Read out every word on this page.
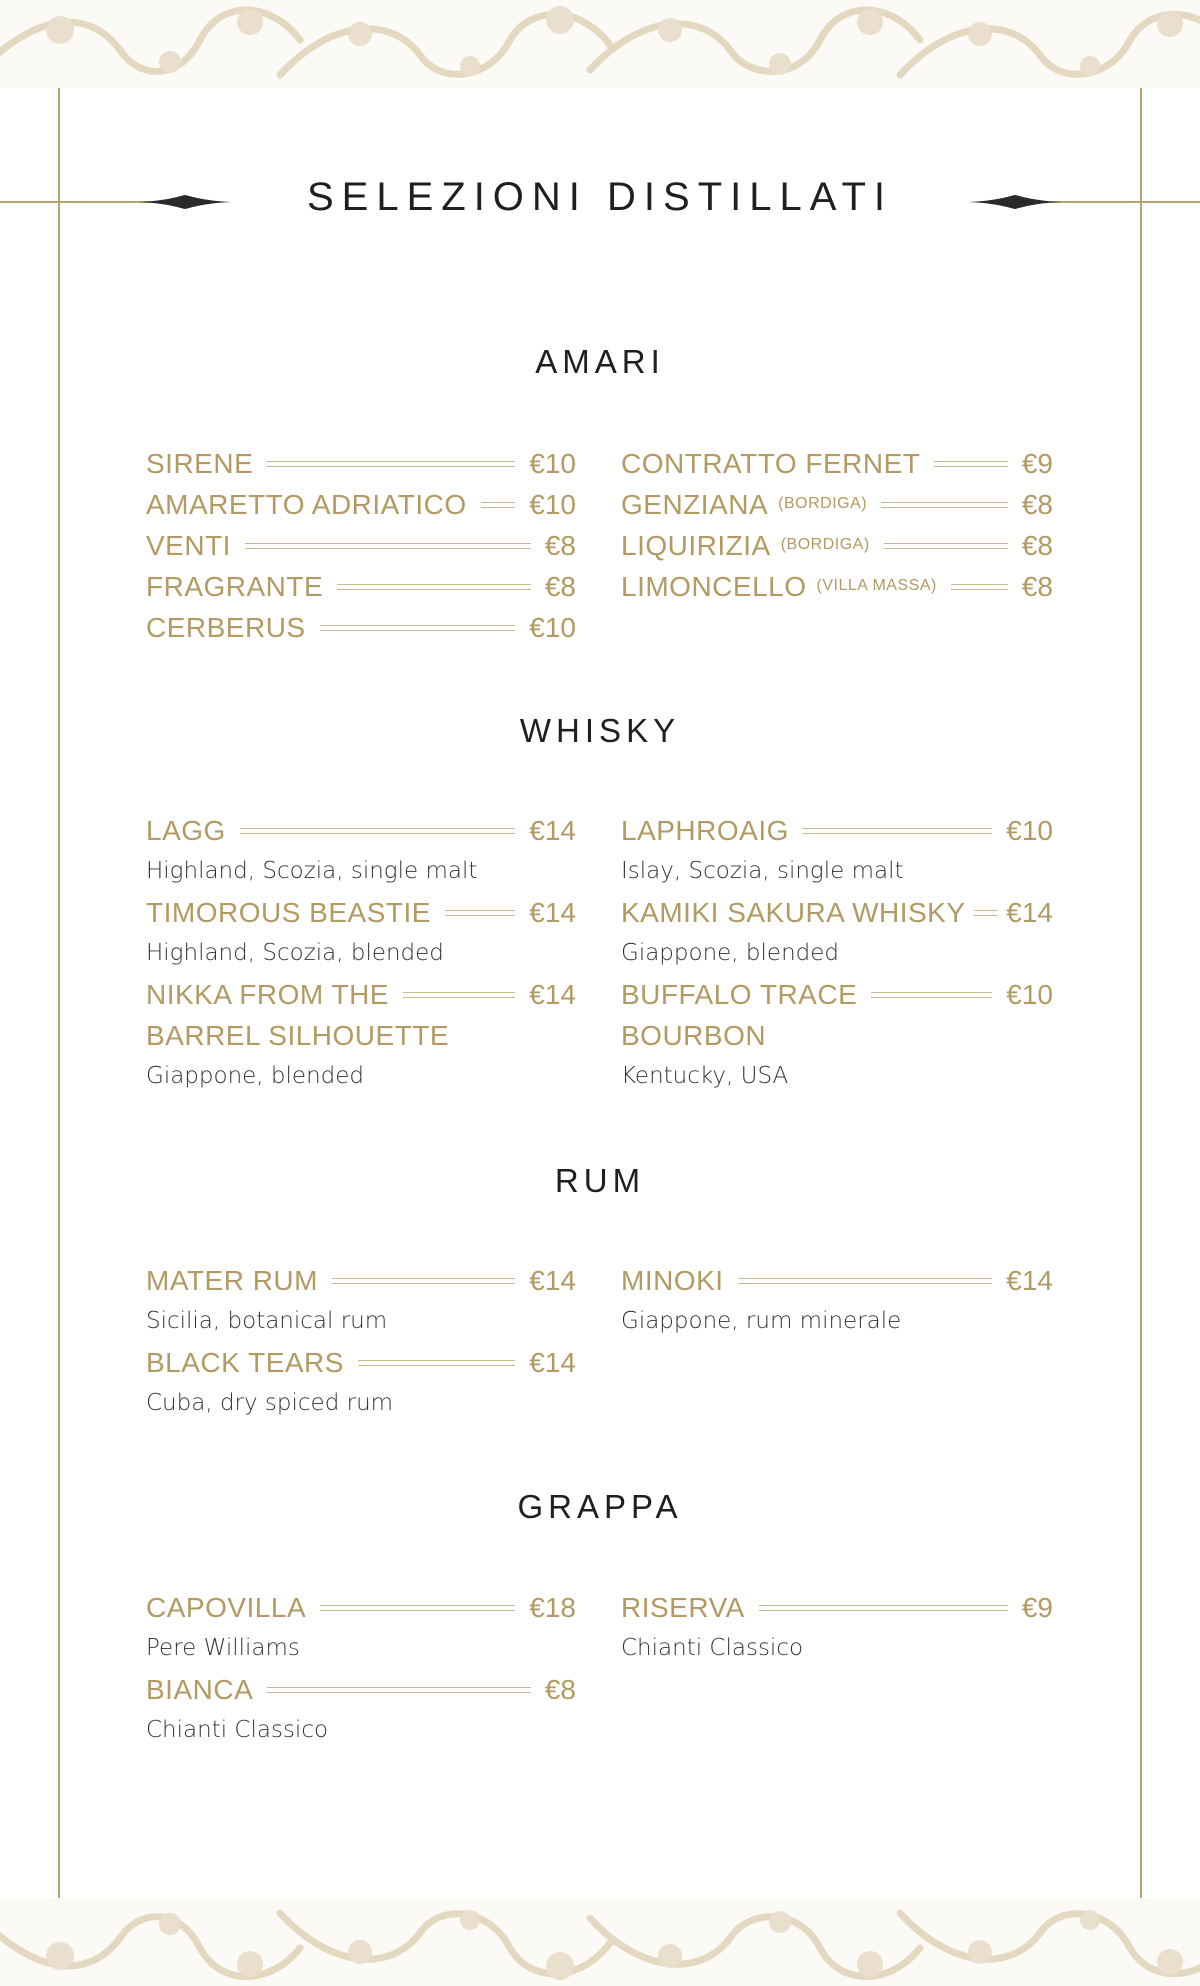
SELEZIONI DISTILLATI
AMARI
SIRENE	€10
AMARETTO ADRIATICO €10
VENTI	€8
FRAGRANTE	€8
CERBERUS	€10
CONTRATTO FERNET	€9
GENZIANA $^{(BORDIGA)}$	€8
LIQUIRIZIA $^{(BORDIGA)}$	€8
LIMONCELLO $^{(VILLA MASSA)}$	€8
WHISKY
LAGG	€14
Highland, Scozia, single malt
TIMOROUS BEASTIE	€14
Highland, Scozia, blended
NIKKA FROM THE	€14
BARREL SILHOUETTE
Giappone, blended
LAPHROAIG	€10
Islay, Scozia, single malt
KAMIKI SAKURA WHISKY €14
Giappone, blended
BUFFALO TRACE	€10
BOURBON
Kentucky, USA
RUM
MATER RUM	€14
Sicilia, botanical rum
BLACK TEARS	€14
Cuba, dry spiced rum
MINOKI	€14
Giappone, rum minerale
GRAPPA
CAPOVILLA	€18
Pere Williams
BIANCA	€8
Chianti Classico
RISERVA	€9
Chianti Classico
